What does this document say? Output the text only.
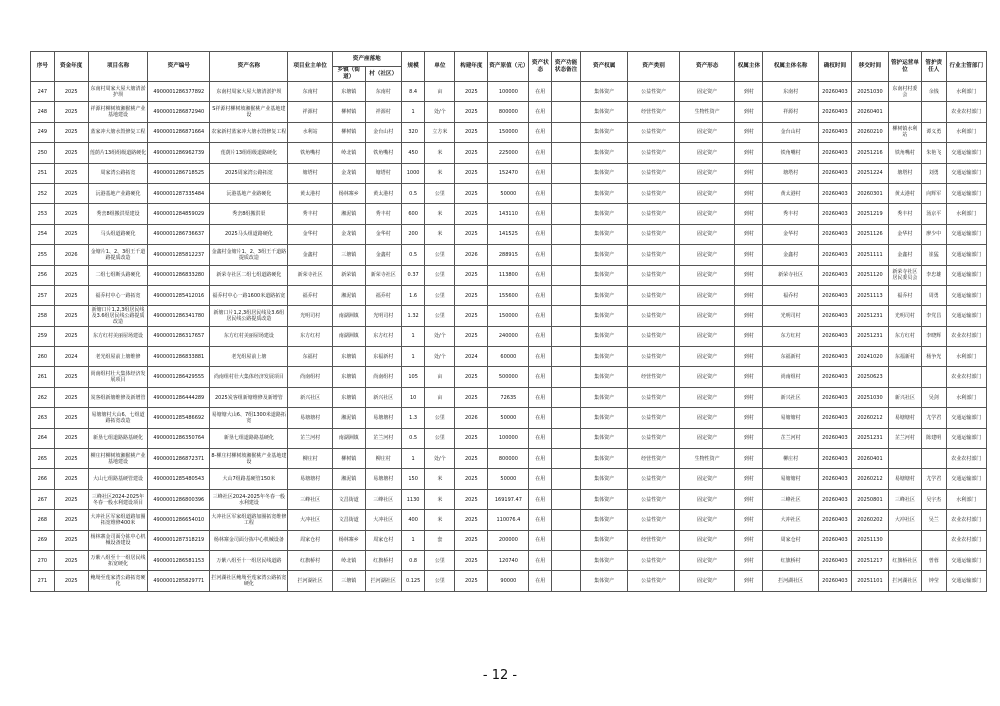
序号	资金年度	项目名称	资产编号	资产名称	项目业主单位	资产座落地		规模	单位	构建年度	资产原值（元）	资产状态	资产功能状态备注	资产权属	资产类别	资产形态	权属主体	权属主体名称	确权时间	移交时间	管护运营单位	管护责任人	行业主管部门
						乡镇（街道）	村（社区）																
247	2025	东南村周家大屋大塘清淤护坝	4900001286377892	东南村周家大屋大塘清淤护坝	东南村	东塘镇	东南村	8.4	亩	2025	100000	在用		集体资产	公益性资产	固定资产	到村	东南村	20260403	20251030	东南村村委会	余钱	水利部门
248	2025	祥源村柳树坡湘猴桃产业基地建设	4900001286872940	S祥源村柳树坡湘猴桃产业基地建设	祥源村	柳树镇	祥源村	1	处/个	2025	800000	在用		集体资产	经营性资产	生物性资产	到村	祥源村	20260403	20260401			农业农村部门
249	2025	蓝家冲大塘水毁修复工程	4900001286871664	农家新村蓝家冲大塘水毁修复工程	水利站	柳树镇	金台山村	320	立方米	2025	150000	在用		集体资产	公益性资产	固定资产	到村	金台山村	20260403	20260210	柳树镇水利站	谭义勇	水利部门
250	2025	莲荫片13组组级道路硬化	4900001286962739	莲荫片13组组级道路硬化	铁角嘴村	岭北镇	铁角嘴村	450	米	2025	225000	在用		集体资产	公益性资产	固定资产	到村	铁角嘴村	20260403	20251216	铁角嘴村	朱艳飞	交通运输部门
251	2025	周家湾公路拓宽	4900001286718525	2025周家湾公路拓宽	塘塔村	金龙镇	塘塔村	1000	米	2025	152470	在用		集体资产	公益性资产	固定资产	到村	塘塔村	20260403	20251224	塘塔村	刘勇	交通运输部门
252	2025	沅港基地产业路硬化	4900001287335484	沅港基地产业路硬化	黄太港村	杨林寨乡	黄太港村	0.5	公里	2025	50000	在用		集体资产	公益性资产	固定资产	到村	黄太港村	20260403	20260301	黄太港村	向辉军	交通运输部门
253	2025	秀峦8组搬洪渠建设	4900001284859029	秀峦8组搬洪渠	秀丰村	湘泥镇	秀丰村	600	米	2025	143110	在用		集体资产	公益性资产	固定资产	到村	秀丰村	20260403	20251219	秀丰村	汤京平	水利部门
254	2025	马头组道路硬化	4900001286736637	2025马头组道路硬化	金华村	金龙镇	金华村	200	米	2025	141525	在用		集体资产	公益性资产	固定资产	到村	金华村	20260403	20251126	金华村	廖少中	交通运输部门
255	2026	金塘片1、2、3组王千道路提质改造	4900001285812237	金鑫村金塘片1、2、3组王千道路提质改造	金鑫村	三塘镇	金鑫村	0.5	公里	2026	288915	在用		集体资产	公益性资产	固定资产	到村	金鑫村	20260403	20251111	金鑫村	崔猛	交通运输部门
256	2025	二组七组断头路硬化	4900001286833280	新荣寺社区二组七组道路硬化	新荣寺社区	新荣镇	新荣寺社区	0.37	公里	2025	113800	在用		集体资产	公益性资产	固定资产	到村	新荣寺社区	20260403	20251120	新荣寺社区居民委员会	李忠雄	交通运输部门
257	2025	福乔村中心一路拓宽	4900001285412016	福乔村中心一路1600米道路拓宽	福乔村	湘泥镇	福乔村	1.6	公里	2025	155600	在用		集体资产	公益性资产	固定资产	到村	福乔村	20260403	20251113	福乔村	周勇	交通运输部门
258	2025	新塘口片1,2,3组居民线及3.6组居民线公路提质改造	4900001286341780	新塘口片1,2,3组居民线及3.6组居民线公路提质改造	光明司村	南湖洲镇	光明司村	1.32	公里	2025	150000	在用		集体资产	公益性资产	固定资产	到村	光明司村	20260403	20251231	光明司村	李党昌	交通运输部门
259	2025	东方红村美丽屋场建设	4900001286317657	东方红村美丽屋场建设	东方红村	南湖洲镇	东方红村	1	处/个	2025	240000	在用		集体资产	公益性资产	固定资产	到村	东方红村	20260403	20251231	东方红村	李晓辉	农业农村部门
260	2024	老光组屋前上塘维修	4900001286833881	老光组屋前上塘	东福村	东塘镇	东福新村	1	处/个	2024	60000	在用		集体资产	公益性资产	固定资产	到村	东福新村	20260403	20241020	东福新村	杨争光	水利部门
261	2025	尚南组村壮大集体经济发展项目	4900001286429555	尚南组村壮大集体经济发展项目	尚南组村	东塘镇	尚南组村	105	亩	2025	500000	在用		集体资产	经营性资产	固定资产	到村	尚南组村	20260403	20250623			农业农村部门
262	2025	炭客组新塘维修及新增管	4900001286444289	2025炭客组新塘维修及新增管	新兴社区	东塘镇	新兴社区	10	亩	2025	72635	在用		集体资产	公益性资产	固定资产	到村	新兴社区	20260403	20251030	新兴社区	吴剑	水利部门
263	2025	易塘塘村大山6、七组道路拓宽改造	4900001285486692	易塘塘大山6、7组1300米道路拓宽	易塘塘村	湘泥镇	易塘塘村	1.3	公里	2026	50000	在用		集体资产	公益性资产	固定资产	到村	易塘塘村	20260403	20260212	易塘塘村	尤学君	交通运输部门
264	2025	新垦七组道路路基硬化	4900001286350764	新垦七组道路路基硬化	芷兰河村	南湖洲镇	芷兰河村	0.5	公里	2025	100000	在用		集体资产	公益性资产	固定资产	到村	芷兰河村	20260403	20251231	芷兰河村	陈建明	交通运输部门
265	2025	柳庄村柳树坡湘猴桃产业基地建设	4900001286872371	8-柳庄村柳树坡湘猴桃产业基地建设	柳庄村	柳树镇	柳庄村	1	处/个	2025	800000	在用		集体资产	经营性资产	生物性资产	到村	柳庄村	20260403	20260401			农业农村部门
266	2025	大山七组路基硬管建设	4900001285480543	大山7组路基硬管150米	易塘塘村	湘泥镇	易塘塘村	150	米	2025	50000	在用		集体资产	公益性资产	固定资产	到村	易塘塘村	20260403	20260212	易塘塘村	尤学君	交通运输部门
267	2025	三峰社区2024-2025年冬春一般水利建设项目	4900001286800396	三峰社区2024-2025年冬春一般水利建设	三峰社区	文昌街道	三峰社区	1130	米	2025	169197.47	在用		集体资产	公益性资产	固定资产	到村	三峰社区	20260403	20250801	三峰社区	吴宇杰	水利部门
268	2025	大冲社区军家组道路加圈拓宽维修400米	4900001286654010	大冲社区军家组道路加圈拓宽维修工程	大冲社区	文昌街道	大冲社区	400	米	2025	110076.4	在用		集体资产	公益性资产	固定资产	到村	大冲社区	20260403	20260202	大冲社区	吴兰	农业农村部门
269	2025	杨林寨金司面分拣中心机械设备建设	4900001287318219	杨林寨金司面分拣中心机械设备	周家仓村	杨林寨乡	周家仓村	1	套	2025	200000	在用		集体资产	经营性资产	固定资产	到村	周家仓村	20260403	20251130			农业农村部门
270	2025	万紫八组至十一组居民线拓宽硬化	4900001286581153	万紫八组至十一组居民线道路	红旗桥村	岭北镇	红旗桥村	0.8	公里	2025	120740	在用		集体资产	公益性资产	固定资产	到村	红旗桥村	20260403	20251217	红旗桥社区	曾蓉	交通运输部门
271	2025	鲍坳至莲家湾公路拓宽硬化	4900001285829771	拦河湖社区鲍坳至莲家湾公路拓宽硬化	拦河湖社区	三塘镇	拦河湖社区	0.125	公里	2025	90000	在用		集体资产	公益性资产	固定资产	到村	拦河湖社区	20260403	20251101	拦河湖社区	钟莹	交通运输部门
- 12 -
